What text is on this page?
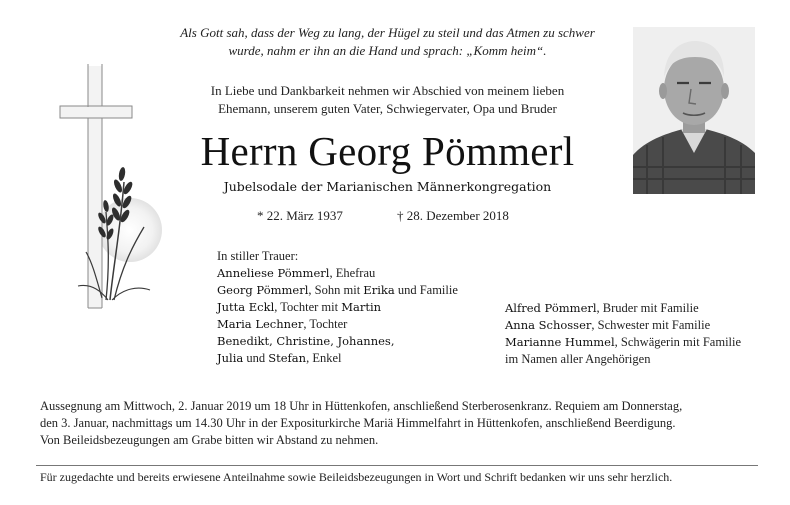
Als Gott sah, dass der Weg zu lang, der Hügel zu steil und das Atmen zu schwer
wurde, nahm er ihn an die Hand und sprach: „Komm heim“.
In Liebe und Dankbarkeit nehmen wir Abschied von meinem lieben
Ehemann, unserem guten Vater, Schwiegervater, Opa und Bruder
Herrn Georg Pömmerl
Jubelsodale der Marianischen Männerkongregation
* 22. März 1937	† 28. Dezember 2018
In stiller Trauer:
Anneliese Pömmerl, Ehefrau
Georg Pömmerl, Sohn mit Erika und Familie
Jutta Eckl, Tochter mit Martin
Maria Lechner, Tochter
Benedikt, Christine, Johannes,
Julia und Stefan, Enkel
Alfred Pömmerl, Bruder mit Familie
Anna Schosser, Schwester mit Familie
Marianne Hummel, Schwägerin mit Familie
im Namen aller Angehörigen
Aussegnung am Mittwoch, 2. Januar 2019 um 18 Uhr in Hüttenkofen, anschließend Sterberosenkranz. Requiem am Donnerstag,
den 3. Januar, nachmittags um 14.30 Uhr in der Expositurkirche Mariä Himmelfahrt in Hüttenkofen, anschließend Beerdigung.
Von Beileidsbezeugungen am Grabe bitten wir Abstand zu nehmen.
Für zugedachte und bereits erwiesene Anteilnahme sowie Beileidsbezeugungen in Wort und Schrift bedanken wir uns sehr herzlich.
